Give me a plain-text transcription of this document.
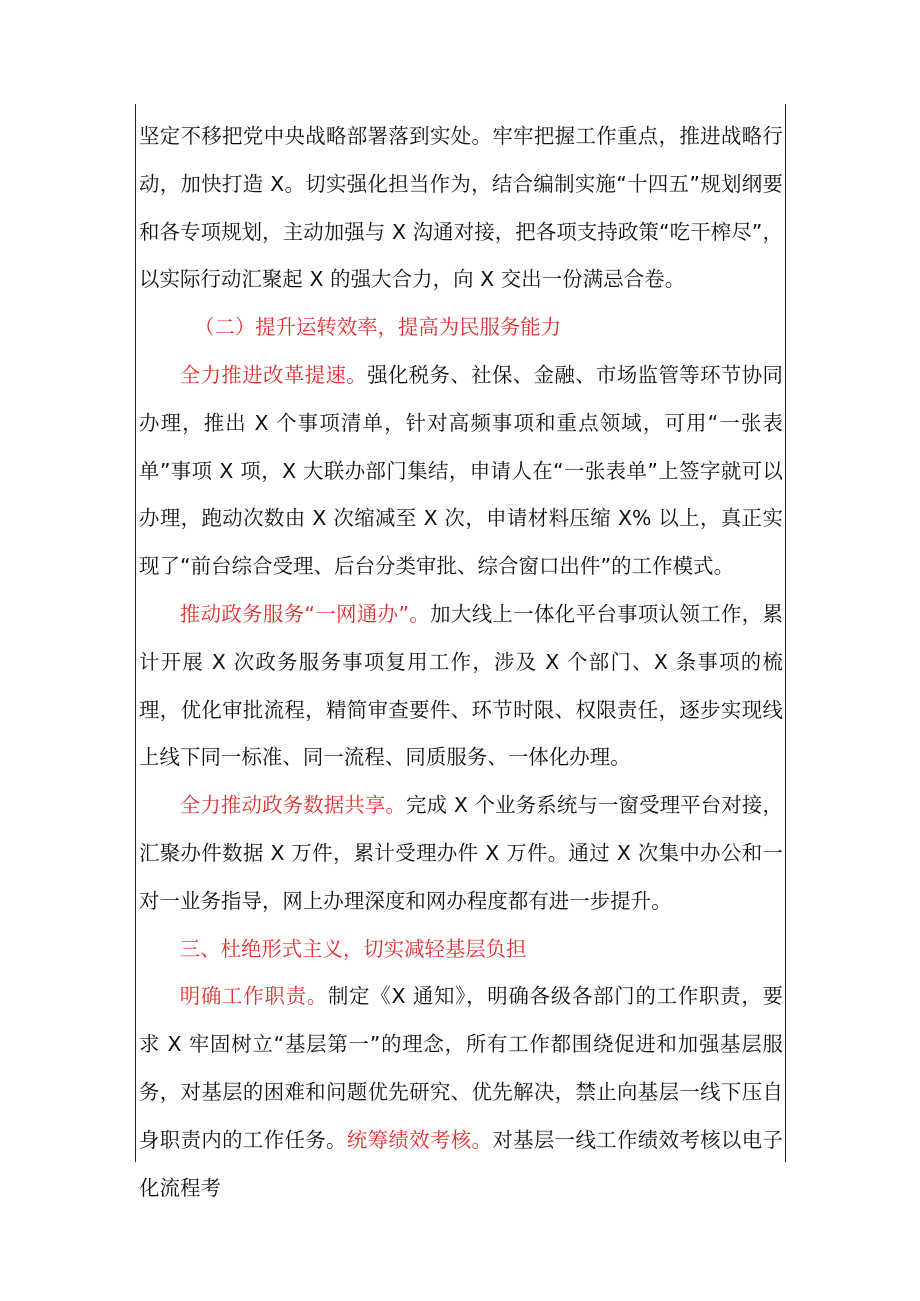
坚定不移把党中央战略部署落到实处。牢牢把握工作重点，推进战略行动，加快打造 X。切实强化担当作为，结合编制实施“十四五”规划纲要和各专项规划，主动加强与 X 沟通对接，把各项支持政策“吃干榨尽”，以实际行动汇聚起 X 的强大合力，向 X 交出一份满忌合卷。

（二）提升运转效率，提高为民服务能力

全力推进改革提速。强化税务、社保、金融、市场监管等环节协同办理，推出 X 个事项清单，针对高频事项和重点领域，可用“一张表单”事项 X 项，X 大联办部门集结，申请人在“一张表单”上签字就可以办理，跑动次数由 X 次缩减至 X 次，申请材料压缩 X% 以上，真正实现了“前台综合受理、后台分类审批、综合窗口出件”的工作模式。

推动政务服务“一网通办”。加大线上一体化平台事项认领工作，累计开展 X 次政务服务事项复用工作，涉及 X 个部门、X 条事项的梳理，优化审批流程，精简审查要件、环节时限、权限责任，逐步实现线上线下同一标准、同一流程、同质服务、一体化办理。

全力推动政务数据共享。完成 X 个业务系统与一窗受理平台对接，汇聚办件数据 X 万件，累计受理办件 X 万件。通过 X 次集中办公和一对一业务指导，网上办理深度和网办程度都有进一步提升。

三、杜绝形式主义，切实减轻基层负担

明确工作职责。制定《X 通知》，明确各级各部门的工作职责，要求 X 牢固树立“基层第一”的理念，所有工作都围绕促进和加强基层服务，对基层的困难和问题优先研究、优先解决，禁止向基层一线下压自身职责内的工作任务。统筹绩效考核。对基层一线工作绩效考核以电子化流程考
